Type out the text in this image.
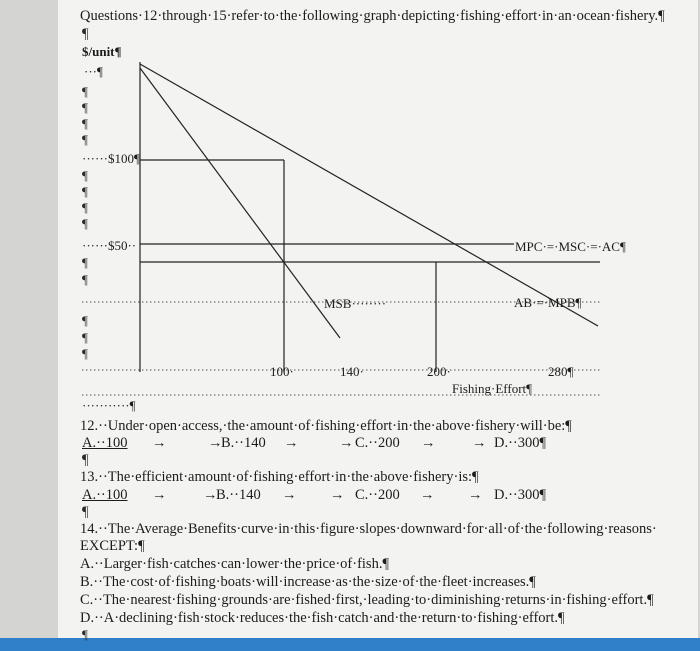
Questions·12·through·15·refer·to·the·following·graph·depicting·fishing·effort·in·an·ocean·fishery.¶
¶
$/unit¶
···¶
¶
¶
¶
¶
······$100¶
¶
¶
¶
¶
······$50··
¶
¶
¶
¶
¶
MPC·=·MSC·=·AC¶
MSB········	AB·=·MPB¶
100·	140·	200·	280¶
Fishing·Effort¶
···········¶
12.··Under·open·access,·the·amount·of·fishing·effort·in·the·above·fishery·will·be:¶
A.··100 →	→
B.··140 →	→ C.··200 →	→ D.··300¶
¶
13.··The·efficient·amount·of·fishing·effort·in·the·above·fishery·is:¶
A.··100 →	→
B.··140 → → C.··200 → → D.··300¶
¶
14.··The·Average·Benefits·curve·in·this·figure·slopes·downward·for·all·of·the·following·reasons·
EXCEPT:¶
A.··Larger·fish·catches·can·lower·the·price·of·fish.¶
B.··The·cost·of·fishing·boats·will·increase·as·the·size·of·the·fleet·increases.¶
C.··The·nearest·fishing·grounds·are·fished·first,·leading·to·diminishing·returns·in·fishing·effort.¶
D.··A·declining·fish·stock·reduces·the·fish·catch·and·the·return·to·fishing·effort.¶
¶
